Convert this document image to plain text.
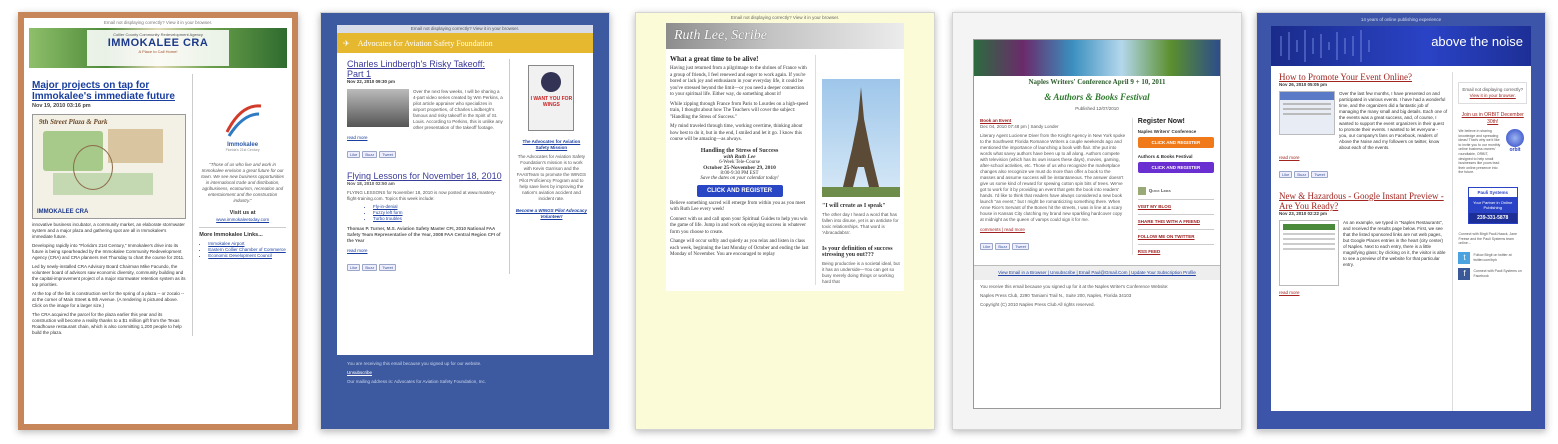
Email not displaying correctly? View it in your browser.
Collier County Community Redevelopment Agency
IMMOKALEE CRA
A Place to Call Home!
Major projects on tap for Immokalee's immediate future
Nov 19, 2010 03:16 pm
9th Street Plaza & Park
IMMOKALEE CRA

innovative business incubator, a community market, an elaborate stormwater system and a major plaza and gathering spot are all in Immokalee's immediate future.

Developing rapidly into "Florida's 21st Century," Immokalee's drive into its future is being spearheaded by the Immokalee Community Redevelopment Agency (CRA) and CRA planners met Thursday to chart the course for 2011.

Led by newly-installed CRA Advisory Board Chairman Mike Facundo, the volunteer board of advisors saw economic diversity, community building and the capital-improvement project of a major stormwater retention system as its top priorities.

At the top of the list is construction set for the spring of a plaza -- or zocalo -- at the corner of Main Street & 9th Avenue. (A rendering is pictured above. Click on the image for a larger size.)

The CRA acquired the parcel for the plaza earlier this year and its construction will become a reality thanks to a $1 million gift from the Texas Roadhouse restaurant chain, which is also committing 1,200 people to help build the plaza.

Immokalee
Florida's 21st Century

"Those of us who live and work in Immokalee envision a great future for our town. We see new business opportunities in international trade and distribution, agribusiness, ecotourism, recreation and entertainment and the construction industry."

Visit us at
www.immokaleetoday.com
More Immokalee Links...
• Immokalee Airport
• Eastern Collier Chamber of Commerce
• Economic Development Council
Email not displaying correctly? View it in your browser.
✈ Advocates for Aviation Safety Foundation
Charles Lindbergh's Risky Takeoff: Part 1
Nov 22, 2010 09:30 pm

Over the next few weeks, I will be sharing a 4-part video series created by Wm Perkins, a pilot article appraiser who specializes in airport properties, of Charles Lindbergh's famous and risky takeoff in the Spirit of St. Louis. According to Perkins, this is unlike any other presentation of the takeoff footage.

read more
Like Buzz Tweet
Flying Lessons for November 18, 2010
Nov 18, 2010 02:50 am

FLYING LESSONS for November 18, 2010 is now posted at www.mastery-flight-training.com. Topics this week include:

• Fly-in-denial
• Fuzzy left form
• Turbo troubles

Thomas P. Turner, M.S. Aviation Safety Master CFI, 2010 National FAA Safety Team Representative of the Year, 2008 FAA Central Region CFI of the Year

read more
Like Buzz Tweet
I WANT YOU FOR WINGS
The Advocates for Aviation Safety Mission

The Advocates for Aviation Safety Foundation's mission is to work with Kevin Garrison and the FAASTeam to promote the WINGS Pilot Proficiency Program and to help save lives by improving the nation's aviation accident and incident rate.

Become a WINGS Pilot Advocacy Volunteer!
You are receiving this email because you signed up for our website.
Unsubscribe
Our mailing address is: Advocates for Aviation Safety Foundation, Inc.
Email not displaying correctly? View it in your browser.
Ruth Lee, Scribe
What a great time to be alive!

Having just returned from a pilgrimage to the shrines of France with a group of friends, I feel renewed and eager to work again. If you're bored or lack joy and enthusiasm in your everyday life, it could be you've stressed beyond the limit—or you need a deeper connection to your spiritual life. Either way, do something about it!

While zipping through France from Paris to Lourdes on a high-speed train, I thought about how The Teachers will cover the subject: "Handling the Stress of Success."

My mind traveled through time, working overtime, thinking about how best to do it, but in the end, I smiled and let it go. I know this course will be amazing—as always.

Handling the Stress of Success
with Ruth Lee
6-Week Tele-Course
October 25-November 29, 2010
8:00-9:30 PM EST
Save the dates on your calendar today!
CLICK AND REGISTER

Believe something sacred will emerge from within you as you meet with Ruth Lee every week!

Connect with us and call upon your Spiritual Guides to help you win the game of life. Jump in and work on enjoying success in whatever form you choose to create.

Change will occur softly and quietly as you relax and listen in class each week, beginning the last Monday of October and ending the last Monday of November. You are encouraged to replay

"I will create as I speak"

The other day I heard a word that has fallen into disuse, yet is an antidote for toxic relationships. That word is 'Abracadabra'.

Is your definition of success stressing you out???

Being productive is a societal ideal, but it has an underside—You can get so busy merely doing things or working hard that

Naples Writers' Conference April 9 + 10, 2011
& Authors & Books Festival
Published 12/07/2010
Book an Event
Dec 04, 2010 07:48 pm | Sandy Londer

Literary Agent Lucienne Diver from the Knight Agency in New York spoke to the Southwest Florida Romance Writers a couple weekends ago and mentioned the importance of launching a book with flair. She put into words what savvy authors have been up to all along. Authors compete with television (which has its own issues these days), movies, gaming, after-school activities, etc. Those of us who recognize the marketplace changes also recognize we must do more than offer a book to the masses and assume success will be instantaneous. The answer doesn't give us some kind of reward for spewing cotton spin bits of trees. We've got to work for it by providing an event that gets the book into readers' hands. I'd like to think that readers have always considered a new book launch "an event," but I might be romanticizing something there. When Anne Rice's Servant of the Bones hit the streets, I was in line at a scary house in Kansas City clutching my brand new sparkling hardcover copy at midnight as the queen of vamps could sign it for me.

comments | read more
Like Buzz Tweet
Register Now!
Naples Writers' Conference
CLICK AND REGISTER
Authors & Books Festival
CLICK AND REGISTER
Quick Links
VISIT MY BLOG
SHARE THIS WITH A FRIEND
FOLLOW ME ON TWITTER
RSS FEED
View Email in a Browser | Unsubscribe | Email Paul@Gmail.Com | Update Your Subscription Profile

You receive this email because you signed up for it at the Naples Writer's Conference Website:

Naples Press Club, 2290 Tamiami Trail N., Suite 200, Naples, Florida 34103

Copyright (C) 2010 Naples Press Club All rights reserved.

14 years of online publishing experience
above the noise
How to Promote Your Event Online?
Nov 26, 2010 05:05 pm

Over the last few months, I have presented on and participated in various events. I have had a wonderful time, and the organizers did a fantastic job of managing the many small and big details. Each one of the events was a great success, and, of course, I wanted to support the event organizers in their quest to promote their events. I wanted to let everyone - you, our company's fans on Facebook, readers of Above the Noise and my followers on twitter, know about each of the events.

read more
Like Buzz Tweet
New & Hazardous - Google Instant Preview - Are You Ready?
Nov 23, 2010 02:22 pm

As an example, we typed in "Naples Restaurants", and received the results page below. First, we see that the listed sponsored links are not web pages, but Google Places entries in the heart (city center) of Naples. Next to each entry, there is a little magnifying glass; by clicking on it, the visitor is able to see a preview of the website for that particular entry.

read more
Email not displaying correctly?
View it in your browser.
Join us in ORBIT December 30th!

We believe in sharing knowledge and spreading ideas! That's why we'd like to invite you to our monthly online business owners' roundtable, ORBIT, designed to help small businesses like yours lead their online presence into the future.

orbit
Pauli Systems
Your Partner in Online Publishing
239-331-5878

Connect with Birgit Pauli-Haack, Jane Freese and the Pauli Systems team online...

t	Follow Birgit on twitter at twitter.com/bph
f	Connect with Pauli Systems on Facebook
